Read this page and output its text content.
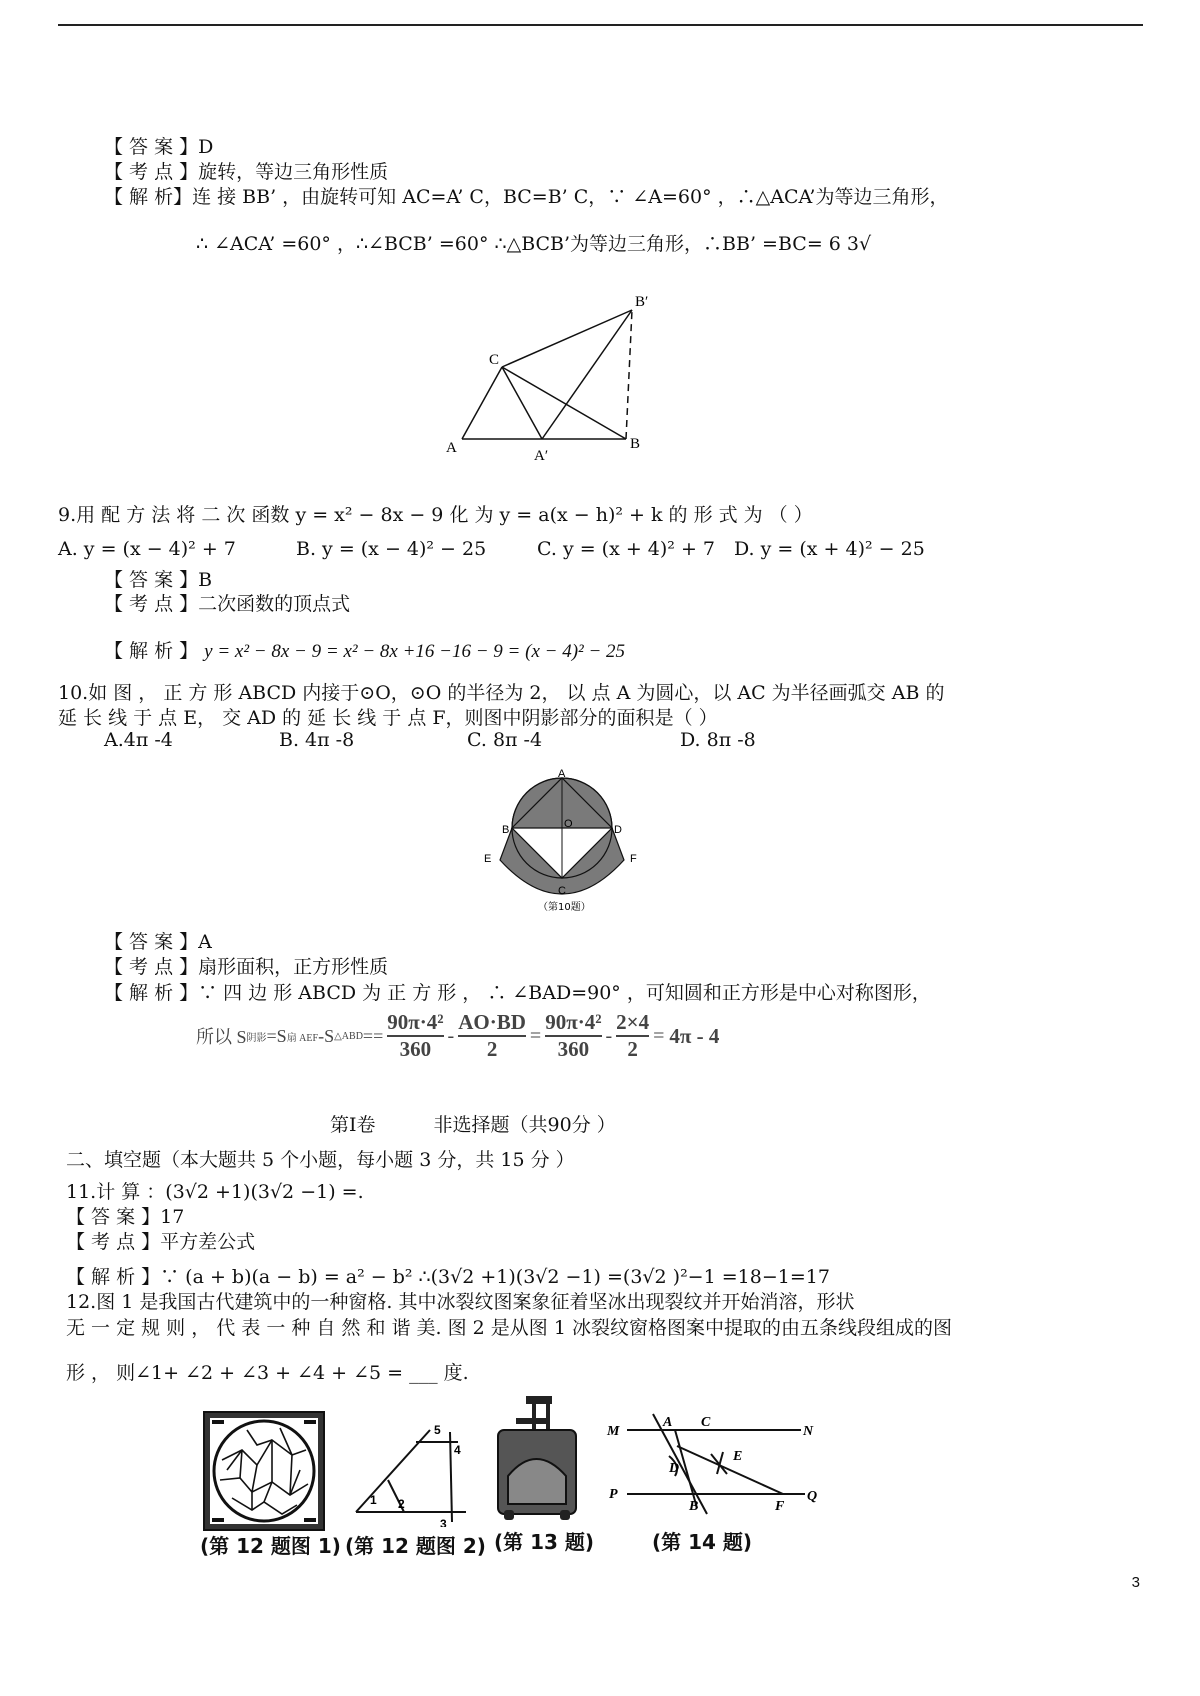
【 答 案 】D
【 考 点 】旋转，等边三角形性质
【 解 析】连 接 BB’ ，由旋转可知 AC=A’ C，BC=B’ C，∵ ∠A=60° ，∴△ACA’为等边三角形，
∴ ∠ACA’ =60° ，∴∠BCB’ =60° ∴△BCB’为等边三角形，∴BB’ =BC= 6 3√
A	B
C
A′
B′
9.用 配 方 法 将 二 次 函数 y = x² − 8x − 9 化 为 y = a(x − h)² + k 的 形 式 为 （ ）
A. y = (x − 4)² + 7	B. y = (x − 4)² − 25	C. y = (x + 4)² + 7 D. y = (x + 4)² − 25
【 答 案 】B
【 考 点 】二次函数的顶点式
【 解 析 】 y = x² − 8x − 9 = x² − 8x +16 −16 − 9 = (x − 4)² − 25
10.如 图 ， 正 方 形 ABCD 内接于⊙O，⊙O 的半径为 2， 以 点 A 为圆心，以 AC 为半径画弧交 AB 的
延 长 线 于 点 E， 交 AD 的 延 长 线 于 点 F，则图中阴影部分的面积是（ ）
A.4π -4	B. 4π -8	C. 8π -4	D. 8π -8
A
B	D
O
E	F
C
（第10题）
【 答 案 】A
【 考 点 】扇形面积，正方形性质
【 解 析 】∵ 四 边 形 ABCD 为 正 方 形 ， ∴ ∠BAD=90° ，可知圆和正方形是中心对称图形，
所以 S 阴影 =S 扇 AEF -S △ABD ==
90π·4²
360
-
AO·BD
2
=
90π·4²
360
-
2×4
2
= 4π - 4
第Ⅰ卷	非选择题（共90分 ）
二、填空题（本大题共 5 个小题，每小题 3 分，共 15 分 ）
11.计 算 ：(3√2 +1)(3√2 −1) =.
【 答 案 】17
【 考 点 】平方差公式
【 解 析 】∵ (a + b)(a − b) = a² − b² ∴(3√2 +1)(3√2 −1) =(3√2 )²−1 =18−1=17
12.图 1 是我国古代建筑中的一种窗格. 其中冰裂纹图案象征着坚冰出现裂纹并开始消溶，形状
无 一 定 规 则 ， 代 表 一 种 自 然 和 谐 美. 图 2 是从图 1 冰裂纹窗格图案中提取的由五条线段组成的图
形 ， 则∠1+ ∠2 + ∠3 + ∠4 + ∠5 = ___ 度.
(第 12 题图 1)
1 2
3
4
5
(第 12 题图 2) (第 13 题)
M	N
A C
D
E
P
B	F
Q
(第 14 题)
3
